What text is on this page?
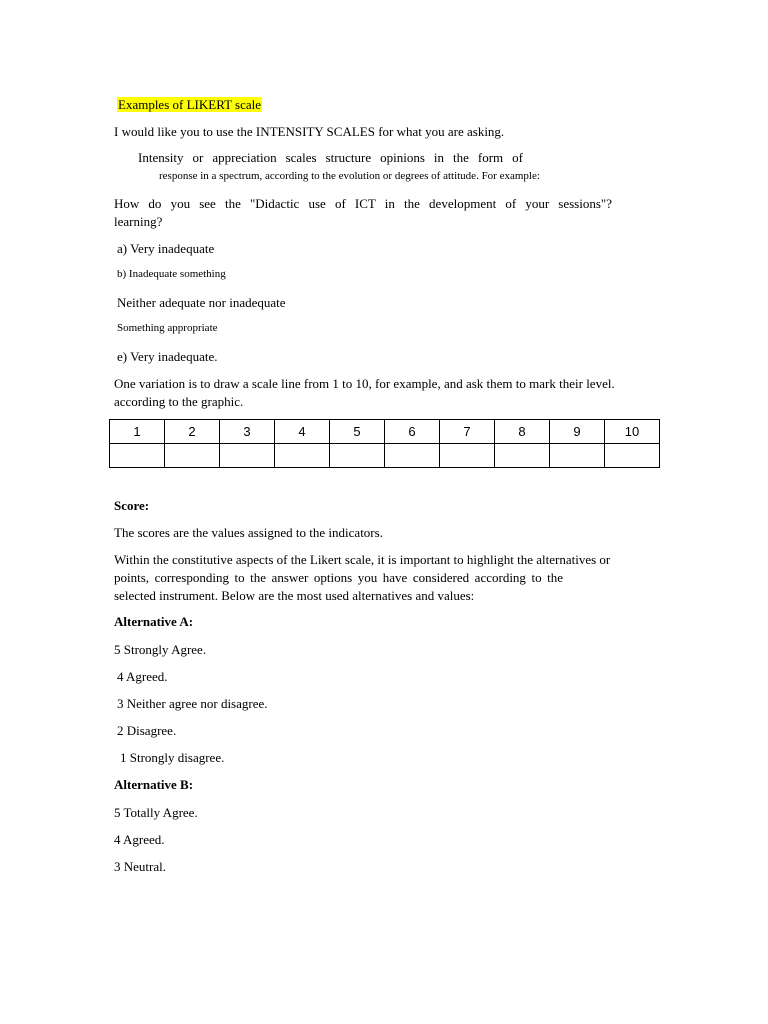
Examples of LIKERT scale
I would like you to use the INTENSITY SCALES for what you are asking.
Intensity or appreciation scales structure opinions in the form of
response in a spectrum, according to the evolution or degrees of attitude. For example:
How do you see the "Didactic use of ICT in the development of your sessions"?
learning?
a) Very inadequate
b) Inadequate something
Neither adequate nor inadequate
Something appropriate
e) Very inadequate.
One variation is to draw a scale line from 1 to 10, for example, and ask them to mark their level.
according to the graphic.
1	2	3	4	5	6	7	8	9	10

Score:
The scores are the values assigned to the indicators.
Within the constitutive aspects of the Likert scale, it is important to highlight the alternatives or
points, corresponding to the answer options you have considered according to the
selected instrument. Below are the most used alternatives and values:
Alternative A:
5 Strongly Agree.
4 Agreed.
3 Neither agree nor disagree.
2 Disagree.
1 Strongly disagree.
Alternative B:
5 Totally Agree.
4 Agreed.
3 Neutral.
